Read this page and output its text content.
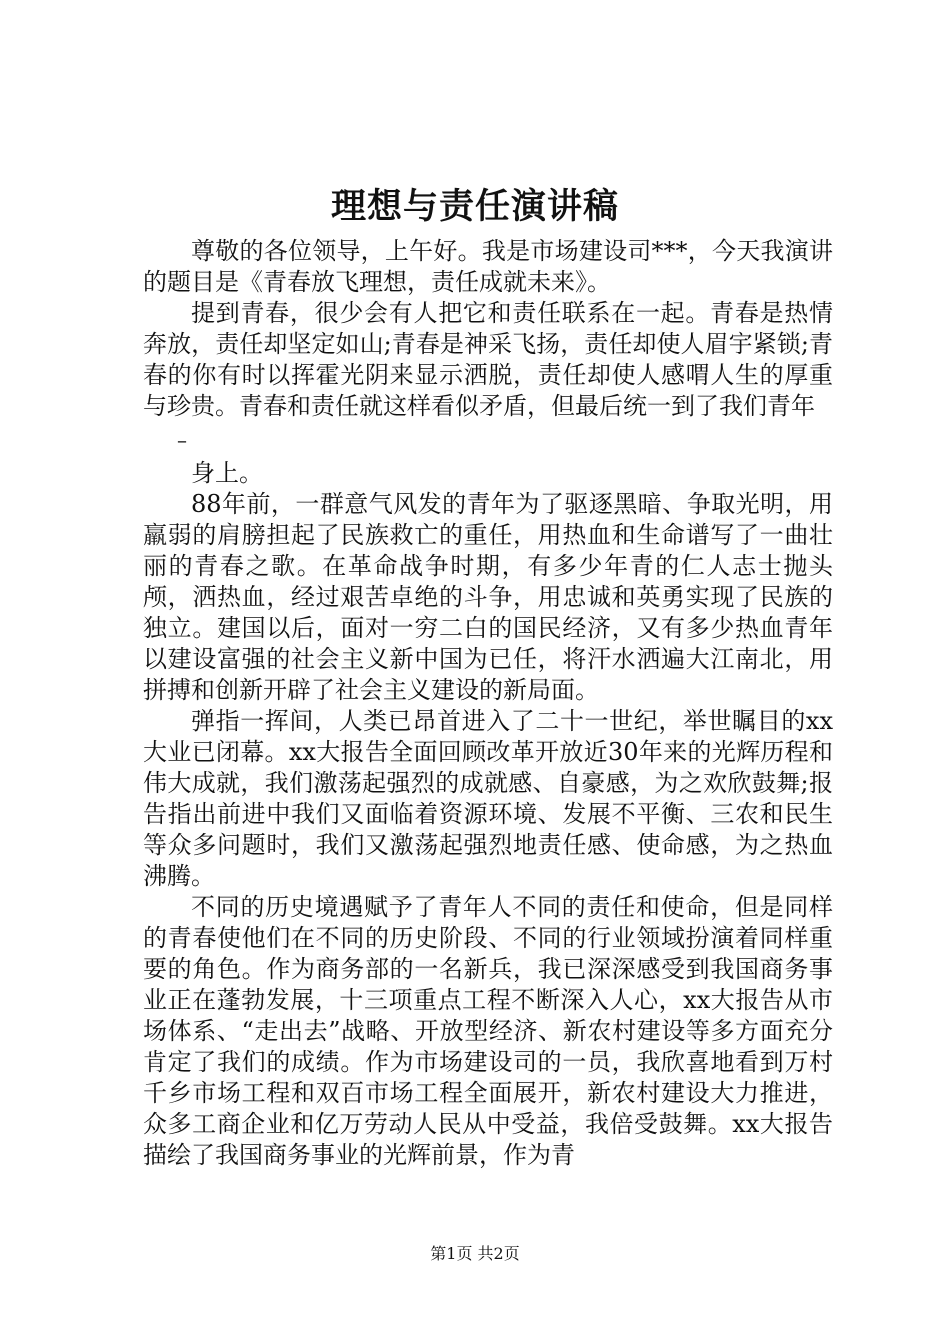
理想与责任演讲稿

尊敬的各位领导，上午好。我是市场建设司***，今天我演讲的题目是《青春放飞理想，责任成就未来》。

提到青春，很少会有人把它和责任联系在一起。青春是热情奔放，责任却坚定如山;青春是神采飞扬，责任却使人眉宇紧锁;青春的你有时以挥霍光阴来显示洒脱，责任却使人感喟人生的厚重与珍贵。青春和责任就这样看似矛盾，但最后统一到了我们青年

–

身上。

88年前，一群意气风发的青年为了驱逐黑暗、争取光明，用羸弱的肩膀担起了民族救亡的重任，用热血和生命谱写了一曲壮丽的青春之歌。在革命战争时期，有多少年青的仁人志士抛头颅，洒热血，经过艰苦卓绝的斗争，用忠诚和英勇实现了民族的独立。建国以后，面对一穷二白的国民经济，又有多少热血青年以建设富强的社会主义新中国为已任，将汗水洒遍大江南北，用拼搏和创新开辟了社会主义建设的新局面。

弹指一挥间，人类已昂首进入了二十一世纪，举世瞩目的xx大业已闭幕。xx大报告全面回顾改革开放近30年来的光辉历程和伟大成就，我们激荡起强烈的成就感、自豪感，为之欢欣鼓舞;报告指出前进中我们又面临着资源环境、发展不平衡、三农和民生等众多问题时，我们又激荡起强烈地责任感、使命感，为之热血沸腾。

不同的历史境遇赋予了青年人不同的责任和使命，但是同样的青春使他们在不同的历史阶段、不同的行业领域扮演着同样重要的角色。作为商务部的一名新兵，我已深深感受到我国商务事业正在蓬勃发展，十三项重点工程不断深入人心，xx大报告从市场体系、“走出去”战略、开放型经济、新农村建设等多方面充分肯定了我们的成绩。作为市场建设司的一员，我欣喜地看到万村千乡市场工程和双百市场工程全面展开，新农村建设大力推进，众多工商企业和亿万劳动人民从中受益，我倍受鼓舞。xx大报告描绘了我国商务事业的光辉前景，作为青

第1页 共2页
